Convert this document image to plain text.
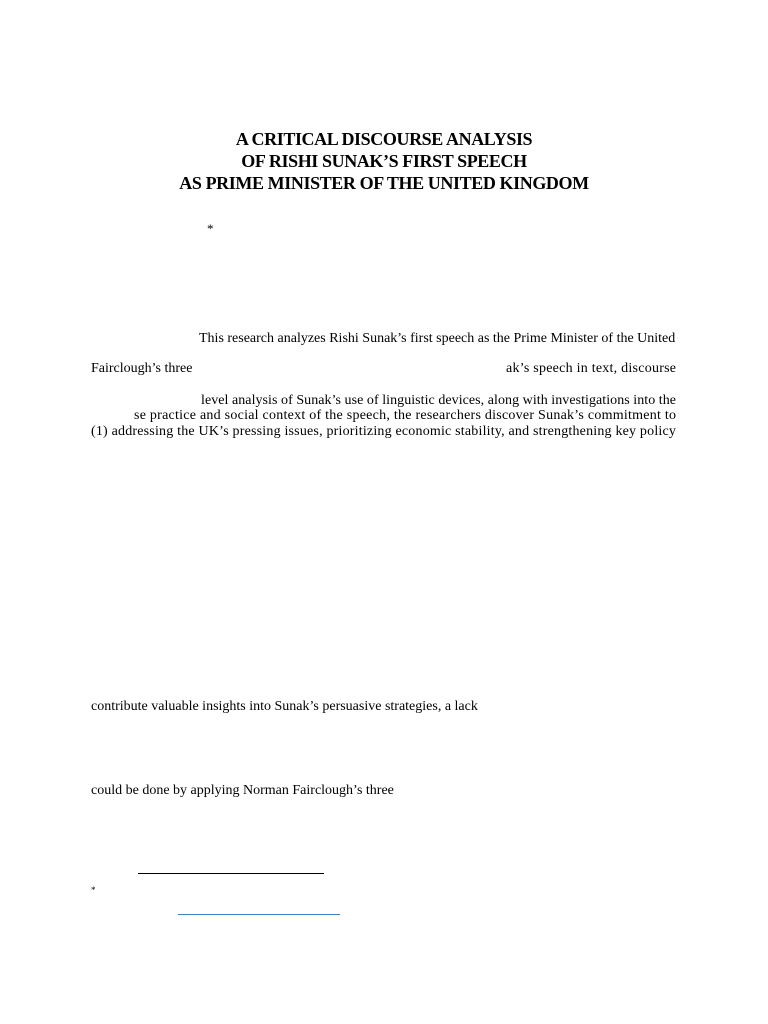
A CRITICAL DISCOURSE ANALYSIS
OF RISHI SUNAK’S FIRST SPEECH
AS PRIME MINISTER OF THE UNITED KINGDOM
*
This research analyzes Rishi Sunak’s first speech as the Prime Minister of the United
Fairclough’s three	ak’s speech in text, discourse
level analysis of Sunak’s use of linguistic devices, along with investigations into the
se practice and social context of the speech, the researchers discover Sunak’s commitment to
(1) addressing the UK’s pressing issues, prioritizing economic stability, and strengthening key policy
contribute valuable insights into Sunak’s persuasive strategies, a lack
could be done by applying Norman Fairclough’s three
*
